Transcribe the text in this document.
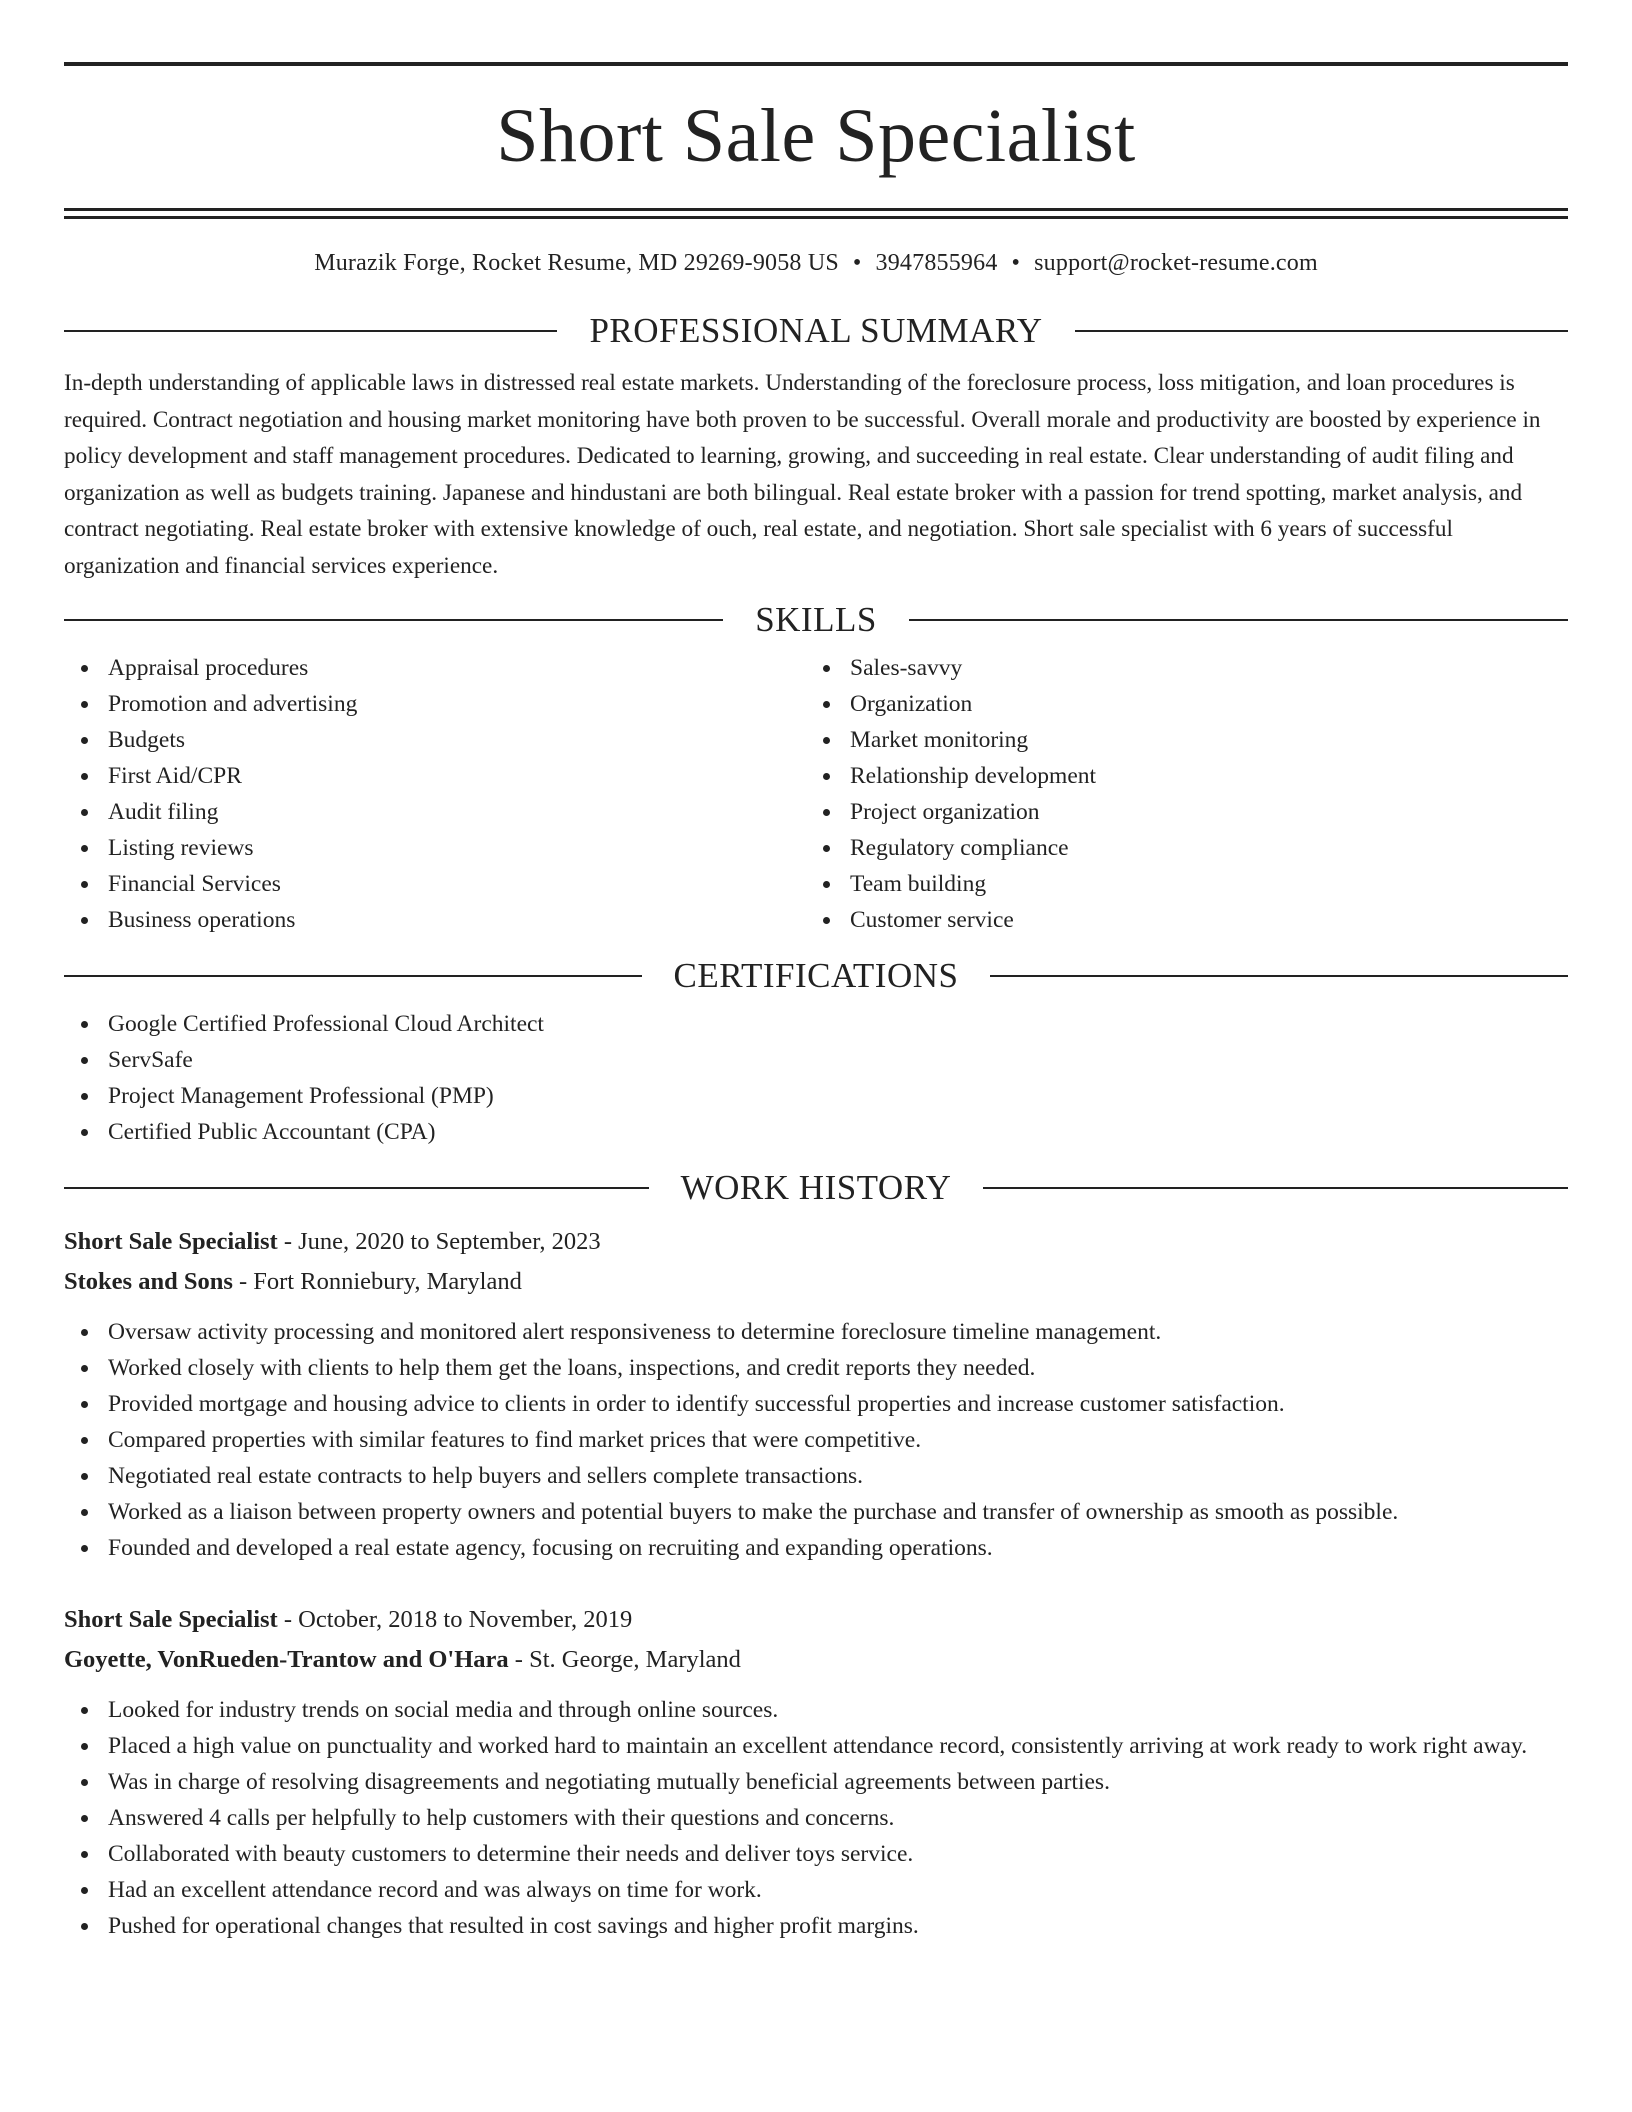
Short Sale Specialist
Murazik Forge, Rocket Resume, MD 29269-9058 US • 3947855964 • support@rocket-resume.com
PROFESSIONAL SUMMARY

In-depth understanding of applicable laws in distressed real estate markets. Understanding of the foreclosure process, loss mitigation, and loan procedures is required. Contract negotiation and housing market monitoring have both proven to be successful. Overall morale and productivity are boosted by experience in policy development and staff management procedures. Dedicated to learning, growing, and succeeding in real estate. Clear understanding of audit filing and organization as well as budgets training. Japanese and hindustani are both bilingual. Real estate broker with a passion for trend spotting, market analysis, and contract negotiating. Real estate broker with extensive knowledge of ouch, real estate, and negotiation. Short sale specialist with 6 years of successful organization and financial services experience.

SKILLS
Appraisal procedures
Promotion and advertising
Budgets
First Aid/CPR
Audit filing
Listing reviews
Financial Services
Business operations
Sales-savvy
Organization
Market monitoring
Relationship development
Project organization
Regulatory compliance
Team building
Customer service
CERTIFICATIONS
Google Certified Professional Cloud Architect
ServSafe
Project Management Professional (PMP)
Certified Public Accountant (CPA)
WORK HISTORY
Short Sale Specialist - June, 2020 to September, 2023
Stokes and Sons - Fort Ronniebury, Maryland
Oversaw activity processing and monitored alert responsiveness to determine foreclosure timeline management.
Worked closely with clients to help them get the loans, inspections, and credit reports they needed.
Provided mortgage and housing advice to clients in order to identify successful properties and increase customer satisfaction.
Compared properties with similar features to find market prices that were competitive.
Negotiated real estate contracts to help buyers and sellers complete transactions.
Worked as a liaison between property owners and potential buyers to make the purchase and transfer of ownership as smooth as possible.
Founded and developed a real estate agency, focusing on recruiting and expanding operations.
Short Sale Specialist - October, 2018 to November, 2019
Goyette, VonRueden-Trantow and O'Hara - St. George, Maryland
Looked for industry trends on social media and through online sources.
Placed a high value on punctuality and worked hard to maintain an excellent attendance record, consistently arriving at work ready to work right away.
Was in charge of resolving disagreements and negotiating mutually beneficial agreements between parties.
Answered 4 calls per helpfully to help customers with their questions and concerns.
Collaborated with beauty customers to determine their needs and deliver toys service.
Had an excellent attendance record and was always on time for work.
Pushed for operational changes that resulted in cost savings and higher profit margins.
